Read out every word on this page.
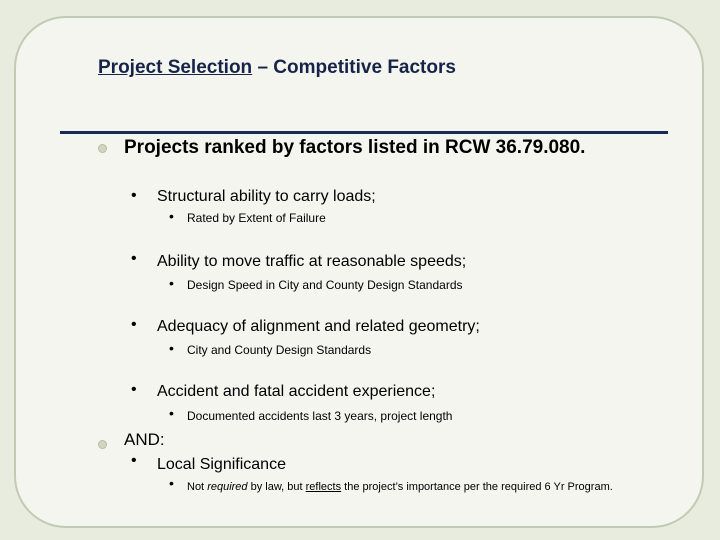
Project Selection – Competitive Factors
Projects ranked by factors listed in RCW 36.79.080.
• Structural ability to carry loads;
• Rated by Extent of Failure
• Ability to move traffic at reasonable speeds;
• Design Speed in City and County Design Standards
• Adequacy of alignment and related geometry;
• City and County Design Standards
• Accident and fatal accident experience;
• Documented accidents last 3 years, project length
AND:
• Local Significance
• Not required by law, but reflects the project’s importance per the required 6 Yr Program.
